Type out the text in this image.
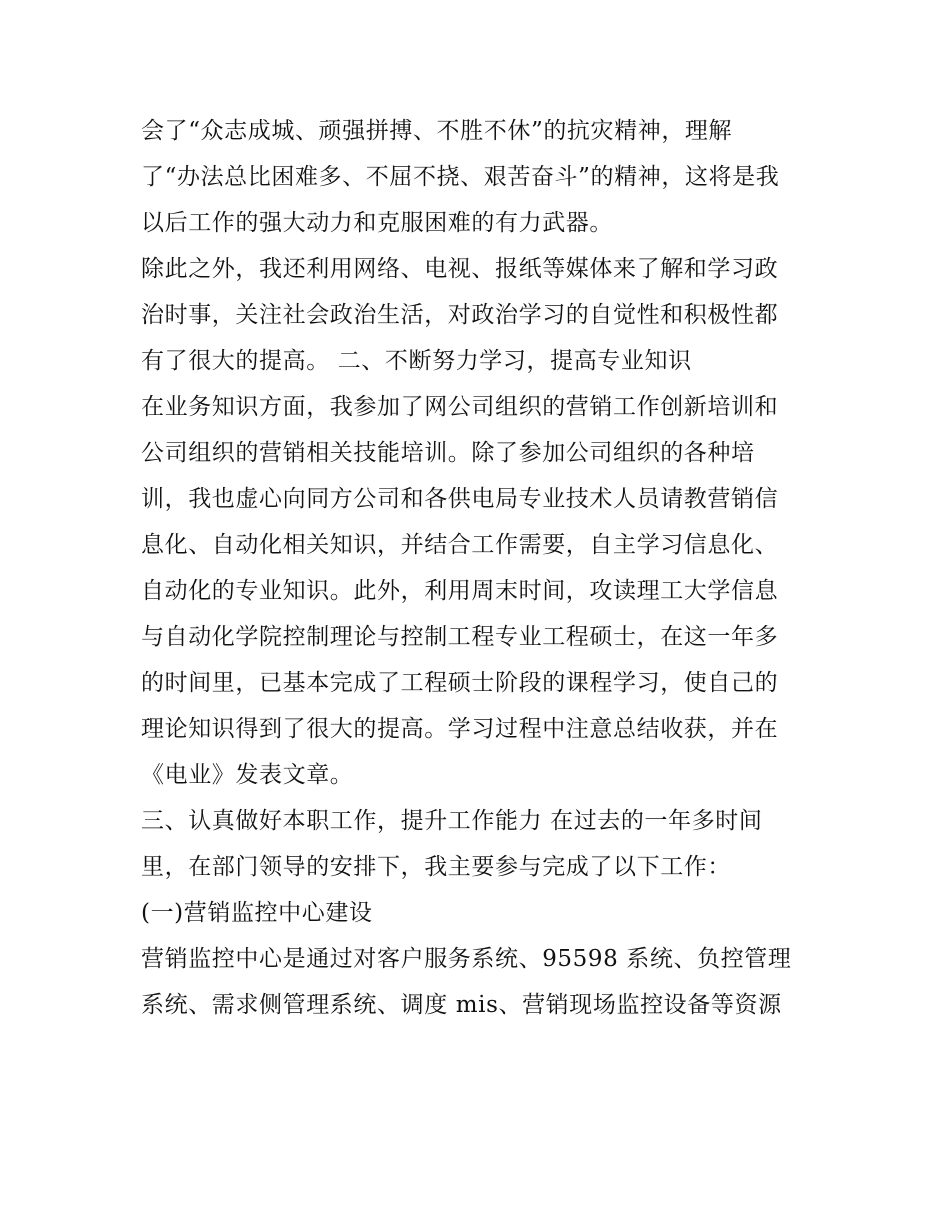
会了“众志成城、顽强拼搏、不胜不休”的抗灾精神，理解
了“办法总比困难多、不屈不挠、艰苦奋斗”的精神，这将是我
以后工作的强大动力和克服困难的有力武器。
除此之外，我还利用网络、电视、报纸等媒体来了解和学习政
治时事，关注社会政治生活，对政治学习的自觉性和积极性都
有了很大的提高。 二、不断努力学习，提高专业知识
在业务知识方面，我参加了网公司组织的营销工作创新培训和
公司组织的营销相关技能培训。除了参加公司组织的各种培
训，我也虚心向同方公司和各供电局专业技术人员请教营销信
息化、自动化相关知识，并结合工作需要，自主学习信息化、
自动化的专业知识。此外，利用周末时间，攻读理工大学信息
与自动化学院控制理论与控制工程专业工程硕士，在这一年多
的时间里，已基本完成了工程硕士阶段的课程学习，使自己的
理论知识得到了很大的提高。学习过程中注意总结收获，并在
《电业》发表文章。
三、认真做好本职工作，提升工作能力 在过去的一年多时间
里，在部门领导的安排下，我主要参与完成了以下工作：
(一)营销监控中心建设
营销监控中心是通过对客户服务系统、95598 系统、负控管理
系统、需求侧管理系统、调度 mis、营销现场监控设备等资源
